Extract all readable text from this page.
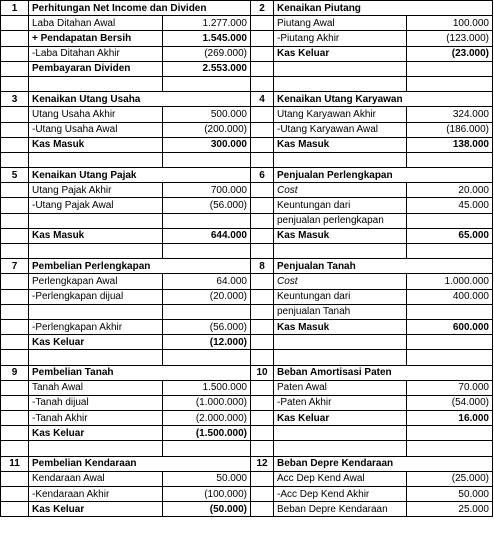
1	Perhitungan Net Income dan Dividen		2	Kenaikan Piutang	
	Laba Ditahan Awal	1.277.000		Piutang Awal	100.000
	+ Pendapatan Bersih	1.545.000		-Piutang Akhir	(123.000)
	-Laba Ditahan Akhir	(269.000)		Kas Keluar	(23.000)
	Pembayaran Dividen	2.553.000			

3	Kenaikan Utang Usaha		4	Kenaikan Utang Karyawan	
	Utang Usaha Akhir	500.000		Utang Karyawan Akhir	324.000
	-Utang Usaha Awal	(200.000)		-Utang Karyawan Awal	(186.000)
	Kas Masuk	300.000		Kas Masuk	138.000

5	Kenaikan Utang Pajak		6	Penjualan Perlengkapan	
	Utang Pajak Akhir	700.000		Cost	20.000
	-Utang Pajak Awal	(56.000)		Keuntungan dari	45.000
				penjualan perlengkapan	
	Kas Masuk	644.000		Kas Masuk	65.000

7	Pembelian Perlengkapan		8	Penjualan Tanah	
	Perlengkapan Awal	64.000		Cost	1.000.000
	-Perlengkapan dijual	(20.000)		Keuntungan dari	400.000
				penjualan Tanah	
	-Perlengkapan Akhir	(56.000)		Kas Masuk	600.000
	Kas Keluar	(12.000)			

9	Pembelian Tanah		10	Beban Amortisasi Paten	
	Tanah Awal	1.500.000		Paten Awal	70.000
	-Tanah dijual	(1.000.000)		-Paten Akhir	(54.000)
	-Tanah Akhir	(2.000.000)		Kas Keluar	16.000
	Kas Keluar	(1.500.000)			

11	Pembelian Kendaraan		12	Beban Depre Kendaraan	
	Kendaraan Awal	50.000		Acc Dep Kend Awal	(25.000)
	-Kendaraan Akhir	(100.000)		-Acc Dep Kend Akhir	50.000
	Kas Keluar	(50.000)		Beban Depre Kendaraan	25.000
